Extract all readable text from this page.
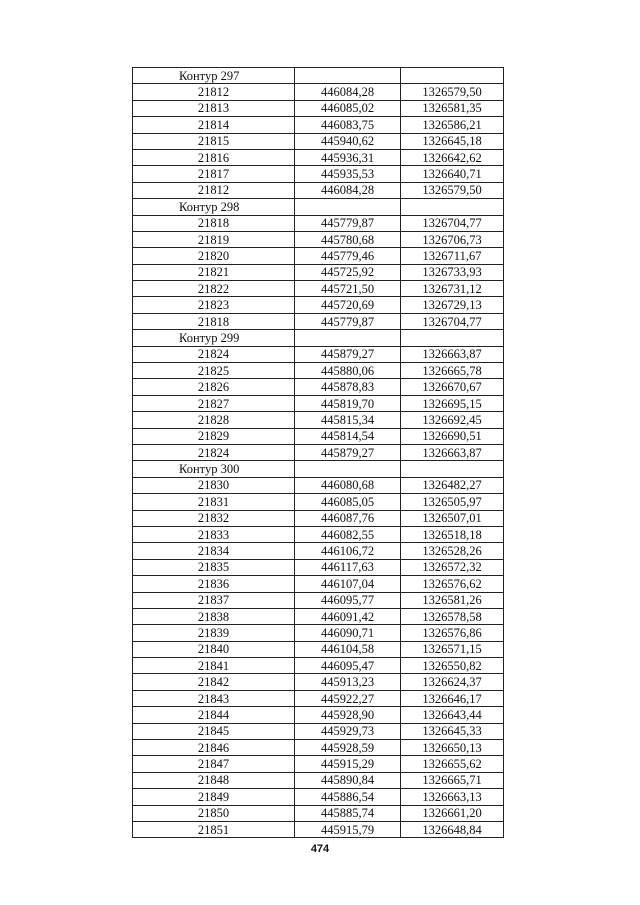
Контур 297		
21812	446084,28	1326579,50
21813	446085,02	1326581,35
21814	446083,75	1326586,21
21815	445940,62	1326645,18
21816	445936,31	1326642,62
21817	445935,53	1326640,71
21812	446084,28	1326579,50
Контур 298		
21818	445779,87	1326704,77
21819	445780,68	1326706,73
21820	445779,46	1326711,67
21821	445725,92	1326733,93
21822	445721,50	1326731,12
21823	445720,69	1326729,13
21818	445779,87	1326704,77
Контур 299		
21824	445879,27	1326663,87
21825	445880,06	1326665,78
21826	445878,83	1326670,67
21827	445819,70	1326695,15
21828	445815,34	1326692,45
21829	445814,54	1326690,51
21824	445879,27	1326663,87
Контур 300		
21830	446080,68	1326482,27
21831	446085,05	1326505,97
21832	446087,76	1326507,01
21833	446082,55	1326518,18
21834	446106,72	1326528,26
21835	446117,63	1326572,32
21836	446107,04	1326576,62
21837	446095,77	1326581,26
21838	446091,42	1326578,58
21839	446090,71	1326576,86
21840	446104,58	1326571,15
21841	446095,47	1326550,82
21842	445913,23	1326624,37
21843	445922,27	1326646,17
21844	445928,90	1326643,44
21845	445929,73	1326645,33
21846	445928,59	1326650,13
21847	445915,29	1326655,62
21848	445890,84	1326665,71
21849	445886,54	1326663,13
21850	445885,74	1326661,20
21851	445915,79	1326648,84
474
